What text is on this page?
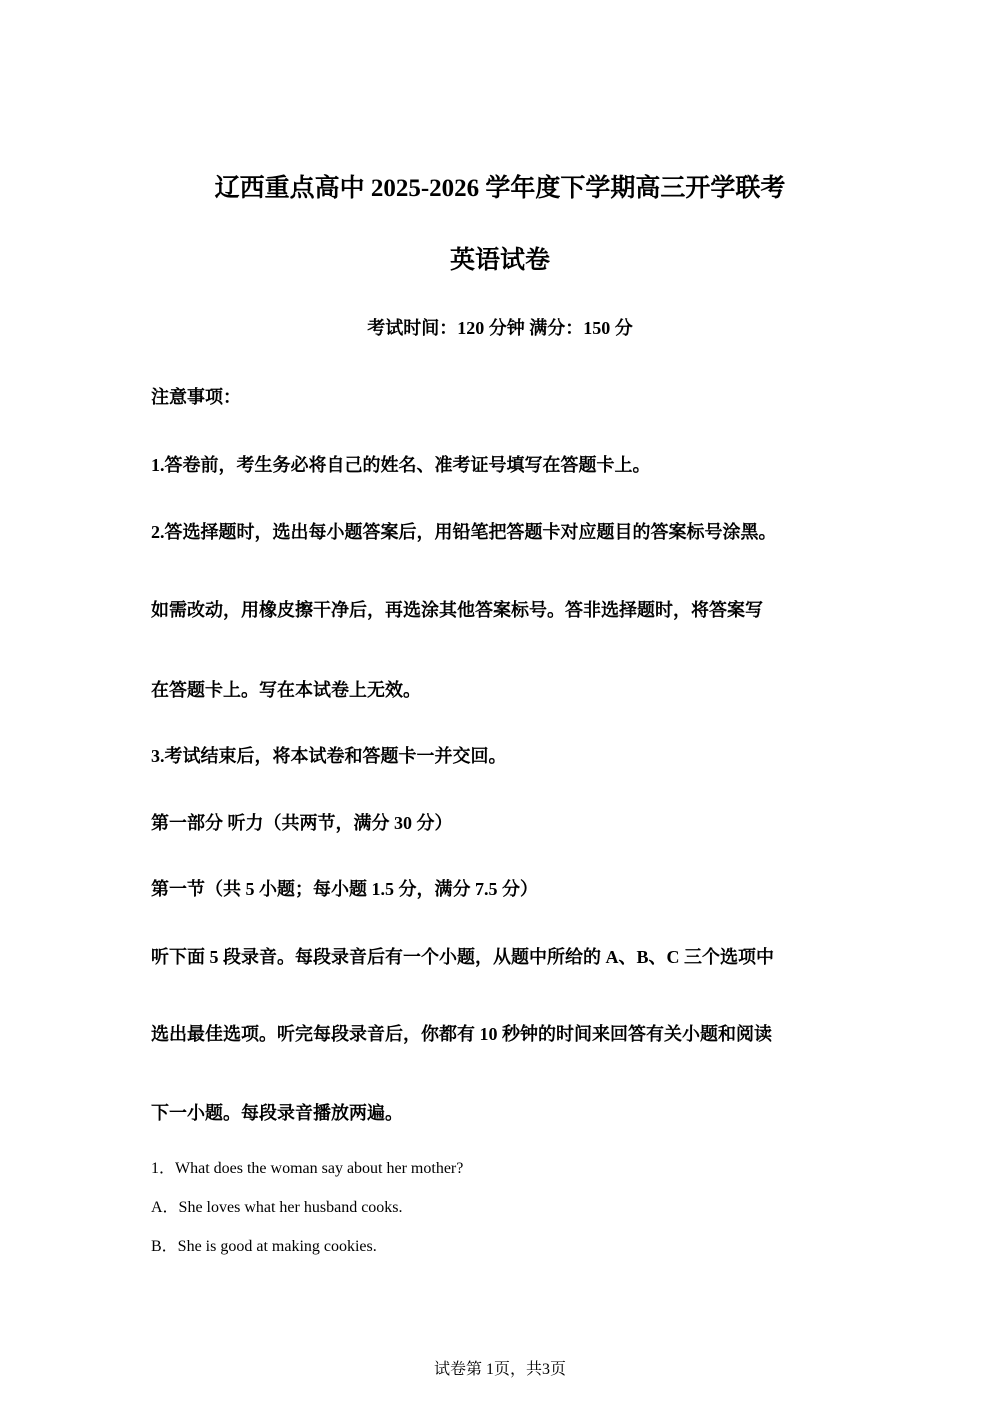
辽西重点高中 2025-2026 学年度下学期高三开学联考
英语试卷
考试时间：120 分钟 满分：150 分
注意事项：
1.答卷前，考生务必将自己的姓名、准考证号填写在答题卡上。
2.答选择题时，选出每小题答案后，用铅笔把答题卡对应题目的答案标号涂黑。
如需改动，用橡皮擦干净后，再选涂其他答案标号。答非选择题时，将答案写
在答题卡上。写在本试卷上无效。
3.考试结束后，将本试卷和答题卡一并交回。
第一部分 听力（共两节，满分 30 分）
第一节（共 5 小题；每小题 1.5 分，满分 7.5 分）
听下面 5 段录音。每段录音后有一个小题，从题中所给的 A、B、C 三个选项中
选出最佳选项。听完每段录音后，你都有 10 秒钟的时间来回答有关小题和阅读
下一小题。每段录音播放两遍。
1．What does the woman say about her mother?
A．She loves what her husband cooks.
B．She is good at making cookies.
试卷第 1页，共3页
